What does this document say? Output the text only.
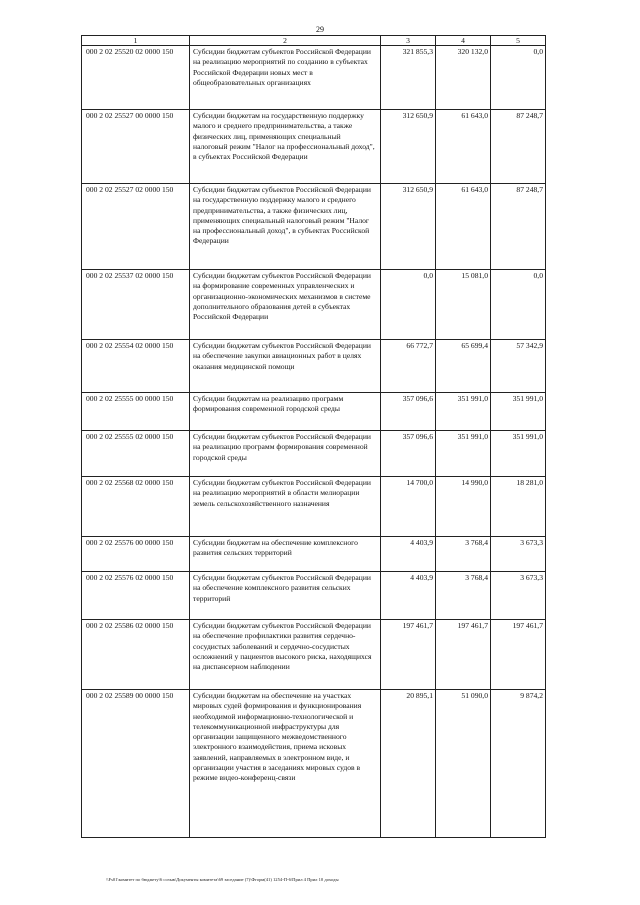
29
1	2	3	4	5
000 2 02 25520 02 0000 150	Субсидии бюджетам субъектов Российской Федерации на реализацию мероприятий по созданию в субъектах Российской Федерации новых мест в общеобразовательных организациях	321 855,3	320 132,0	0,0
000 2 02 25527 00 0000 150	Субсидии бюджетам на государственную поддержку малого и среднего предпринимательства, а также физических лиц, применяющих специальный налоговый режим "Налог на профессиональный доход", в субъектах Российской Федерации	312 650,9	61 643,0	87 248,7
000 2 02 25527 02 0000 150	Субсидии бюджетам субъектов Российской Федерации на государственную поддержку малого и среднего предпринимательства, а также физических лиц, применяющих специальный налоговый режим "Налог на профессиональный доход", в субъектах Российской Федерации	312 650,9	61 643,0	87 248,7
000 2 02 25537 02 0000 150	Субсидии бюджетам субъектов Российской Федерации на формирование современных управленческих и организационно-экономических механизмов в системе дополнительного образования детей в субъектах Российской Федерации	0,0	15 081,0	0,0
000 2 02 25554 02 0000 150	Субсидии бюджетам субъектов Российской Федерации на обеспечение закупки авиационных работ в целях оказания медицинской помощи	66 772,7	65 699,4	57 342,9
000 2 02 25555 00 0000 150	Субсидии бюджетам на реализацию программ формирования современной городской среды	357 096,6	351 991,0	351 991,0
000 2 02 25555 02 0000 150	Субсидии бюджетам субъектов Российской Федерации на реализацию программ формирования современной городской среды	357 096,6	351 991,0	351 991,0
000 2 02 25568 02 0000 150	Субсидии бюджетам субъектов Российской Федерации на реализацию мероприятий в области мелиорации земель сельскохозяйственного назначения	14 700,0	14 990,0	18 281,0
000 2 02 25576 00 0000 150	Субсидии бюджетам на обеспечение комплексного развития сельских территорий	4 403,9	3 768,4	3 673,3
000 2 02 25576 02 0000 150	Субсидии бюджетам субъектов Российской Федерации на обеспечение комплексного развития сельских территорий	4 403,9	3 768,4	3 673,3
000 2 02 25586 02 0000 150	Субсидии бюджетам субъектов Российской Федерации на обеспечение профилактики развития сердечно-сосудистых заболеваний и сердечно-сосудистых осложнений у пациентов высокого риска, находящихся на диспансерном наблюдении	197 461,7	197 461,7	197 461,7
000 2 02 25589 00 0000 150	Субсидии бюджетам на обеспечение на участках мировых судей формирования и функционирования необходимой информационно-технологической и телекоммуникационной инфраструктуры для организации защищенного межведомственного электронного взаимодействия, приема исковых заявлений, направляемых в электронном виде, и организации участия в заседаниях мировых судов в режиме видео-конференц-связи	20 895,1	51 090,0	9 874,2
\\Fs01\комитет по бюджету\6 созыв\Документы комитета\69 заседание (7)\Фгорм(41) 1254-П-6\Прил 4 Прил 10 доходы
